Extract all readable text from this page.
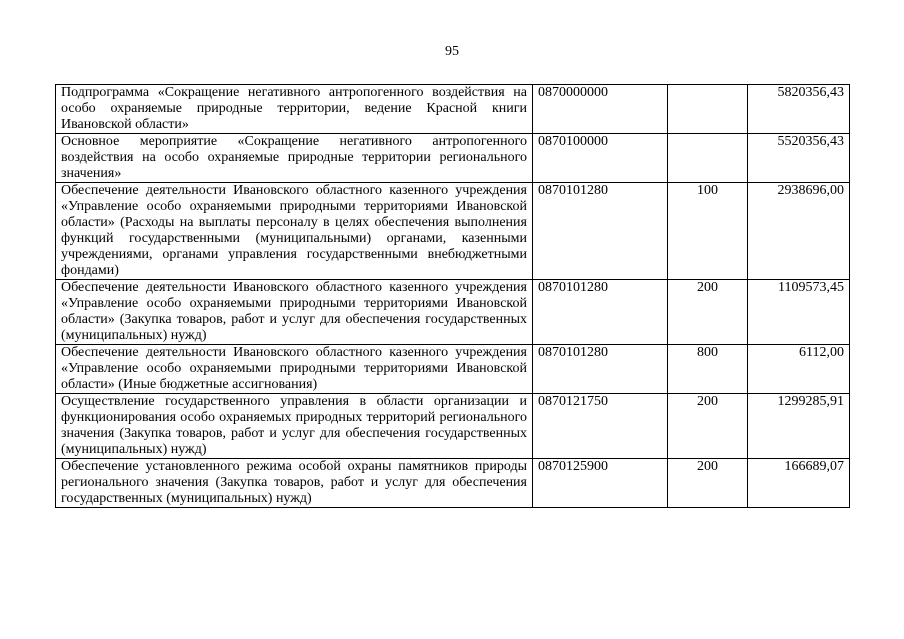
95
Подпрограмма «Сокращение негативного антропогенного воздействия на особо охраняемые природные территории, ведение Красной книги Ивановской области»	0870000000		5820356,43
Основное мероприятие «Сокращение негативного антропогенного воздействия на особо охраняемые природные территории регионального значения»	0870100000		5520356,43
Обеспечение деятельности Ивановского областного казенного учреждения «Управление особо охраняемыми природными территориями Ивановской области» (Расходы на выплаты персоналу в целях обеспечения выполнения функций государственными (муниципальными) органами, казенными учреждениями, органами управления государственными внебюджетными фондами)	0870101280	100	2938696,00
Обеспечение деятельности Ивановского областного казенного учреждения «Управление особо охраняемыми природными территориями Ивановской области» (Закупка товаров, работ и услуг для обеспечения государственных (муниципальных) нужд)	0870101280	200	1109573,45
Обеспечение деятельности Ивановского областного казенного учреждения «Управление особо охраняемыми природными территориями Ивановской области» (Иные бюджетные ассигнования)	0870101280	800	6112,00
Осуществление государственного управления в области организации и функционирования особо охраняемых природных территорий регионального значения (Закупка товаров, работ и услуг для обеспечения государственных (муниципальных) нужд)	0870121750	200	1299285,91
Обеспечение установленного режима особой охраны памятников природы регионального значения (Закупка товаров, работ и услуг для обеспечения государственных (муниципальных) нужд)	0870125900	200	166689,07
